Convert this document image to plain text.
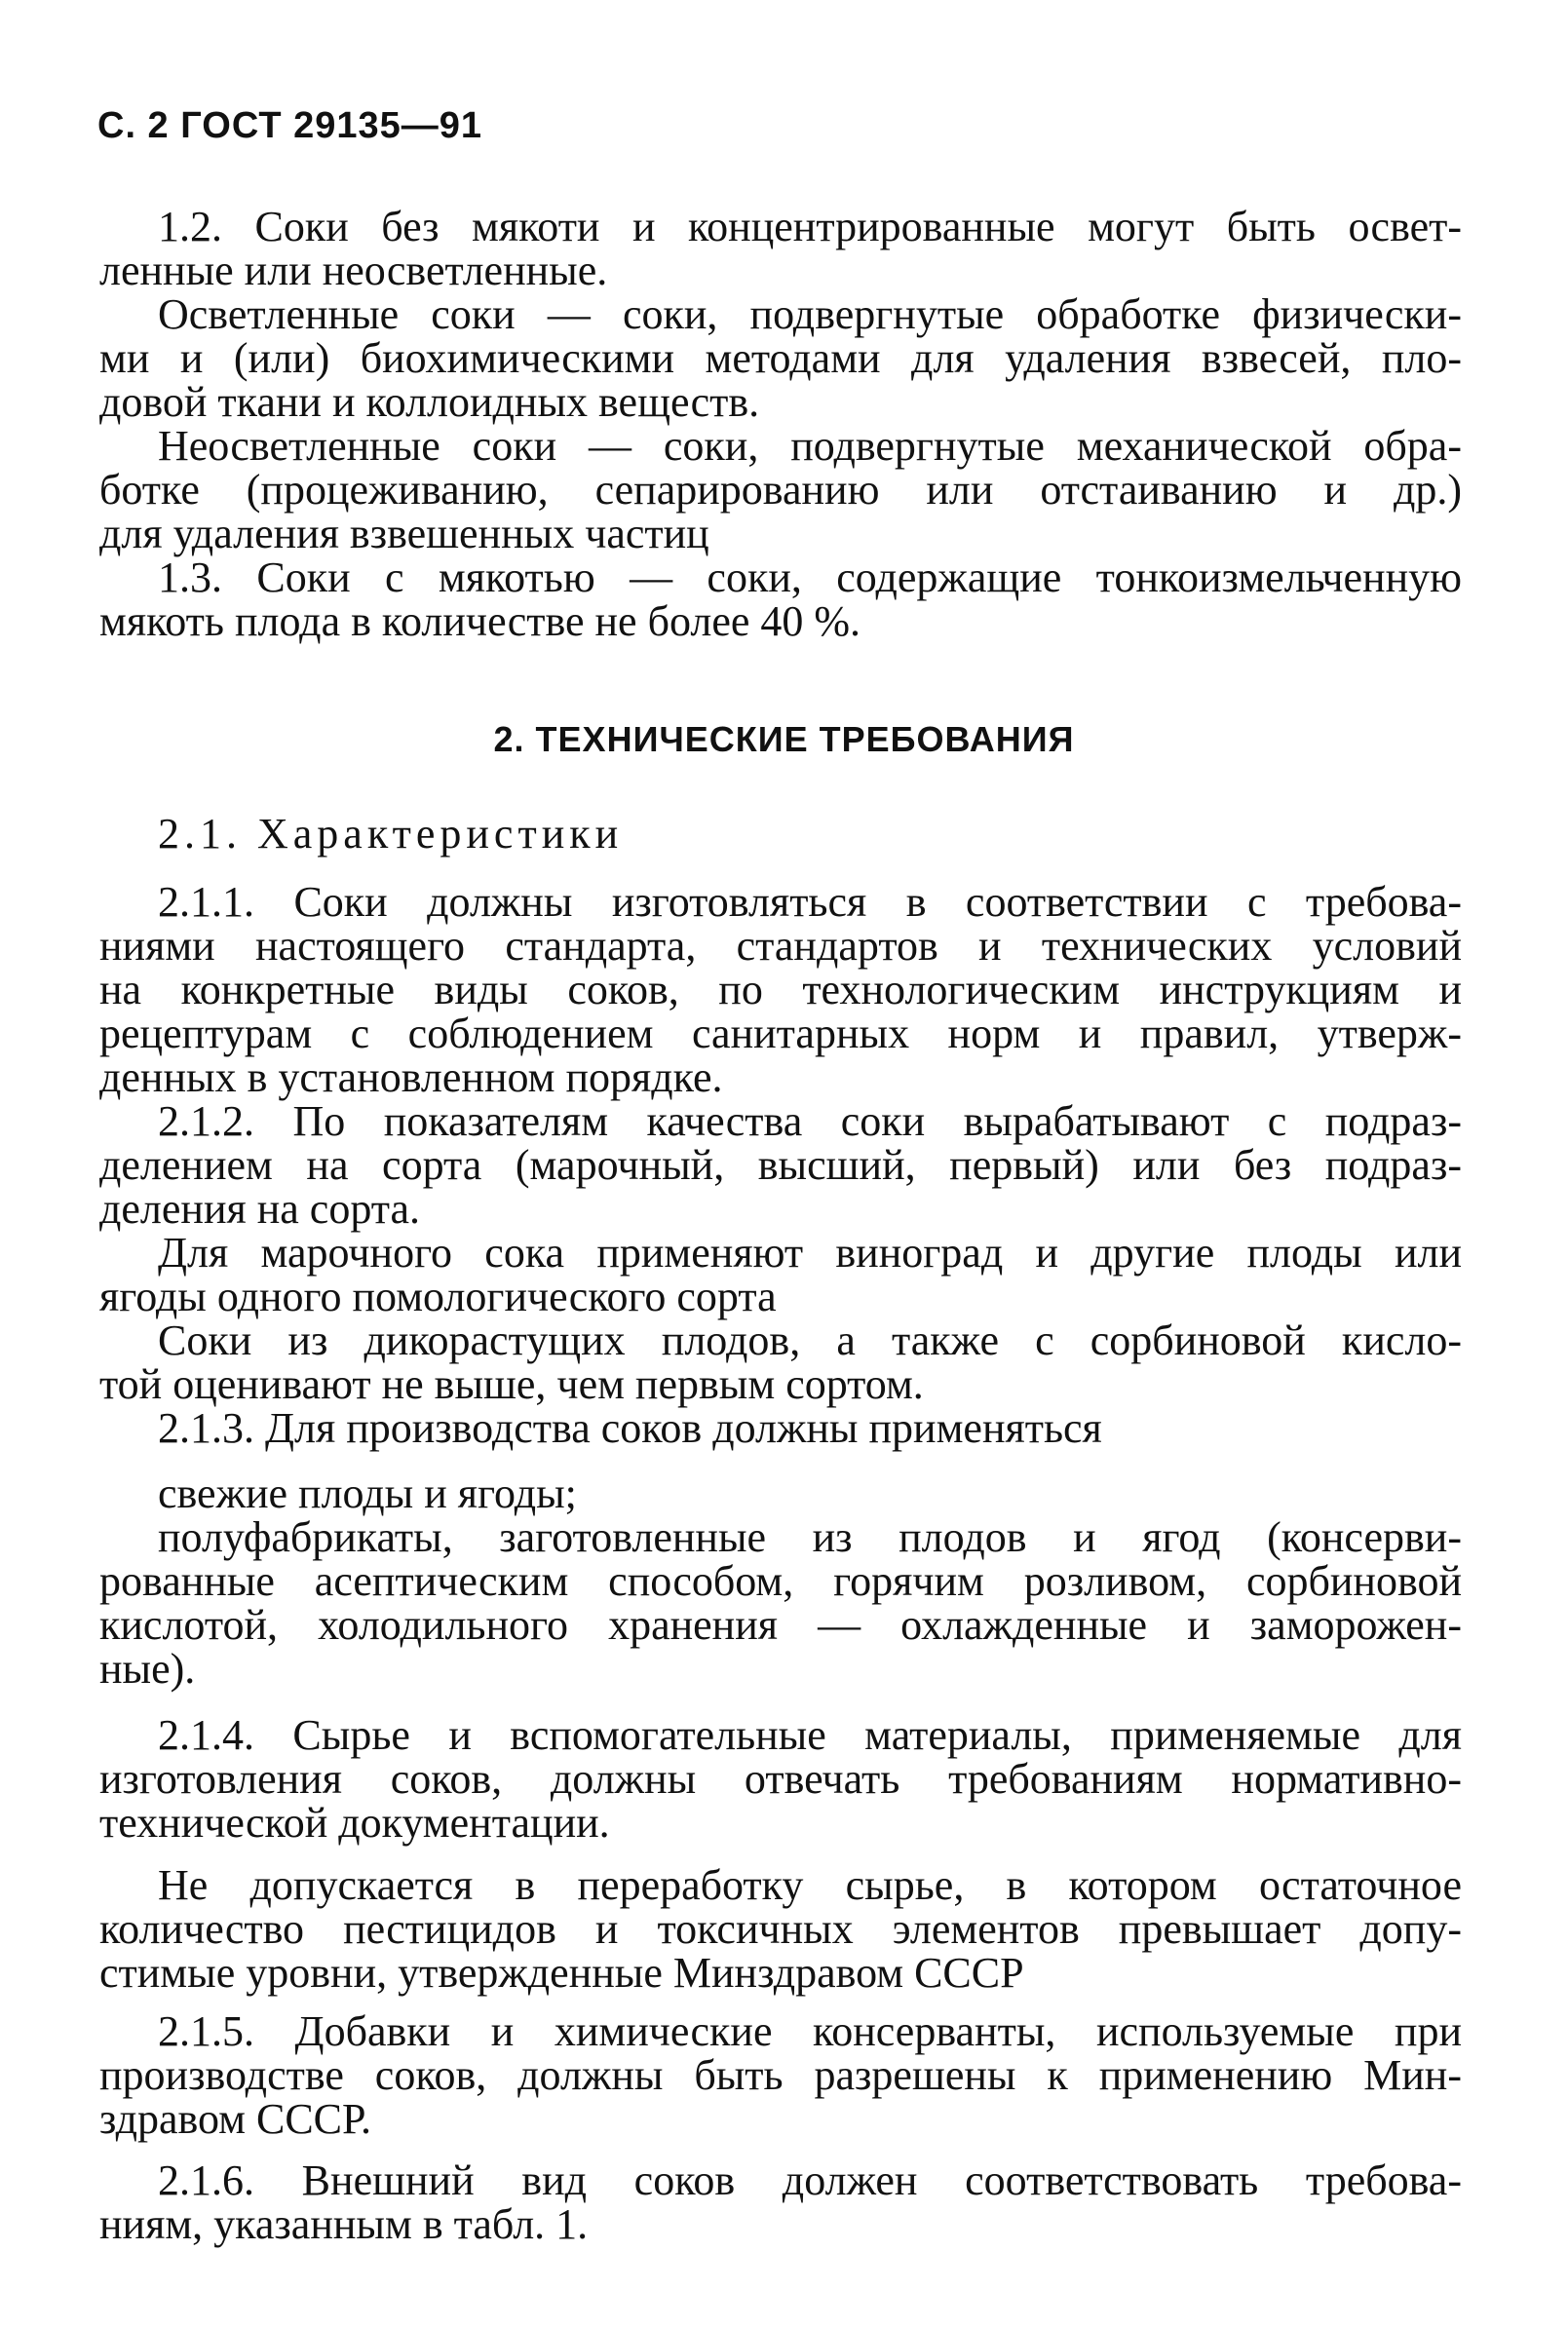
С. 2 ГОСТ 29135—91
1.2. Соки без мякоти и концентрированные могут быть освет-
ленные или неосветленные.
Осветленные соки — соки, подвергнутые обработке физически-
ми и (или) биохимическими методами для удаления взвесей, пло-
довой ткани и коллоидных веществ.
Неосветленные соки — соки, подвергнутые механической обра-
ботке (процеживанию, сепарированию или отстаиванию и др.)
для удаления взвешенных частиц
1.3. Соки с мякотью — соки, содержащие тонкоизмельченную
мякоть плода в количестве не более 40 %.
2. ТЕХНИЧЕСКИЕ ТРЕБОВАНИЯ
2.1. Характеристики
2.1.1. Соки должны изготовляться в соответствии с требова-
ниями настоящего стандарта, стандартов и технических условий
на конкретные виды соков, по технологическим инструкциям и
рецептурам с соблюдением санитарных норм и правил, утверж-
денных в установленном порядке.
2.1.2. По показателям качества соки вырабатывают с подраз-
делением на сорта (марочный, высший, первый) или без подраз-
деления на сорта.
Для марочного сока применяют виноград и другие плоды или
ягоды одного помологического сорта
Соки из дикорастущих плодов, а также с сорбиновой кисло-
той оценивают не выше, чем первым сортом.
2.1.3. Для производства соков должны применяться
свежие плоды и ягоды;
полуфабрикаты, заготовленные из плодов и ягод (консерви-
рованные асептическим способом, горячим розливом, сорбиновой
кислотой, холодильного хранения — охлажденные и заморожен-
ные).
2.1.4. Сырье и вспомогательные материалы, применяемые для
изготовления соков, должны отвечать требованиям нормативно-
технической документации.
Не допускается в переработку сырье, в котором остаточное
количество пестицидов и токсичных элементов превышает допу-
стимые уровни, утвержденные Минздравом СССР
2.1.5. Добавки и химические консерванты, используемые при
производстве соков, должны быть разрешены к применению Мин-
здравом СССР.
2.1.6. Внешний вид соков должен соответствовать требова-
ниям, указанным в табл. 1.
